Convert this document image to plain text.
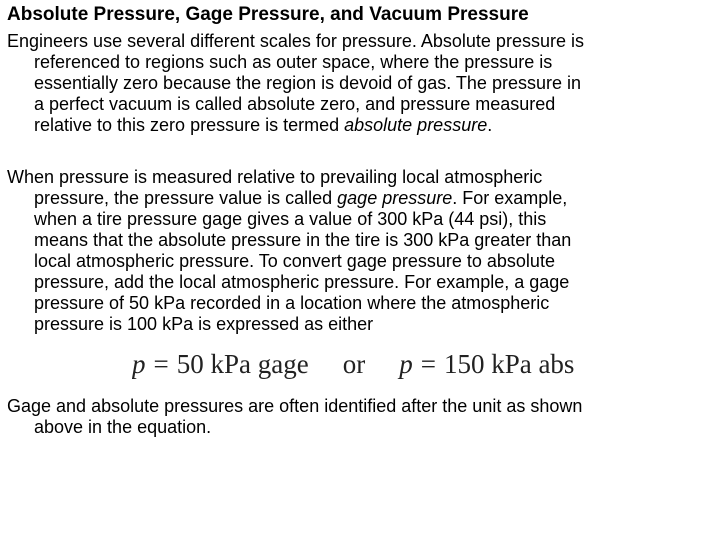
Absolute Pressure, Gage Pressure, and Vacuum Pressure
Engineers use several different scales for pressure. Absolute pressure is
referenced to regions such as outer space, where the pressure is
essentially zero because the region is devoid of gas. The pressure in
a perfect vacuum is called absolute zero, and pressure measured
relative to this zero pressure is termed absolute pressure.
When pressure is measured relative to prevailing local atmospheric
pressure, the pressure value is called gage pressure. For example,
when a tire pressure gage gives a value of 300 kPa (44 psi), this
means that the absolute pressure in the tire is 300 kPa greater than
local atmospheric pressure. To convert gage pressure to absolute
pressure, add the local atmospheric pressure. For example, a gage
pressure of 50 kPa recorded in a location where the atmospheric
pressure is 100 kPa is expressed as either
p = 50 kPa gage or p = 150 kPa abs
Gage and absolute pressures are often identified after the unit as shown
above in the equation.
